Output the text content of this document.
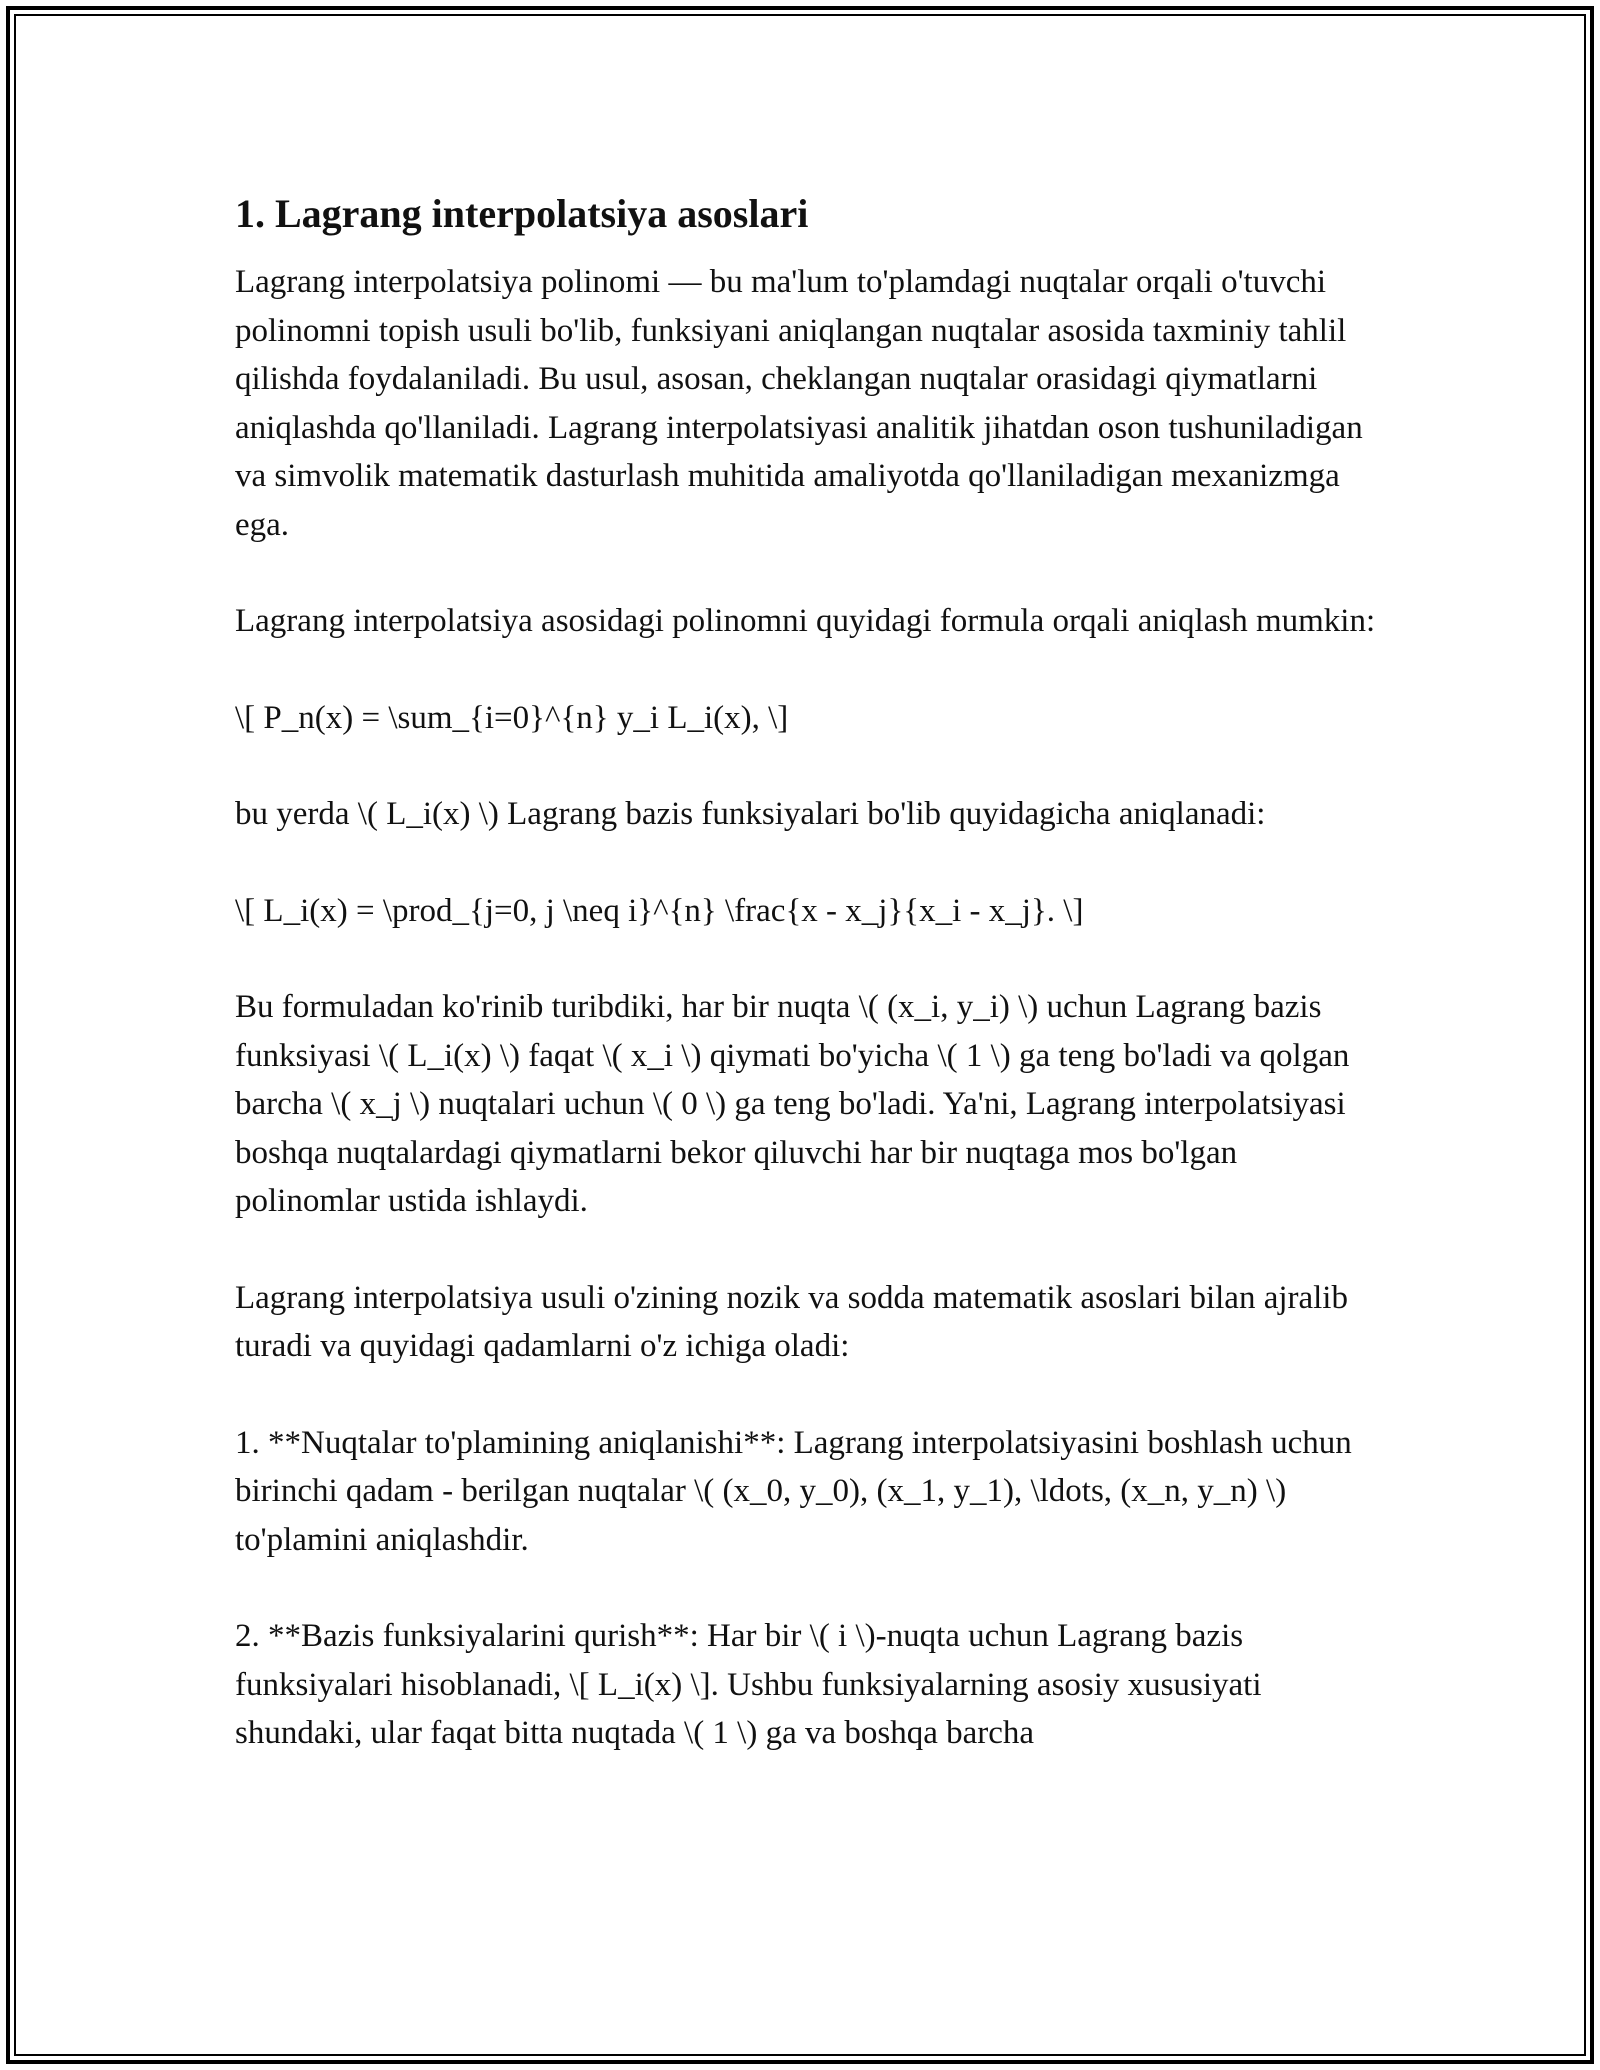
1. Lagrang interpolatsiya asoslari

Lagrang interpolatsiya polinomi — bu ma'lum to'plamdagi nuqtalar orqali o'tuvchi polinomni topish usuli bo'lib, funksiyani aniqlangan nuqtalar asosida taxminiy tahlil qilishda foydalaniladi. Bu usul, asosan, cheklangan nuqtalar orasidagi qiymatlarni aniqlashda qo'llaniladi. Lagrang interpolatsiyasi analitik jihatdan oson tushuniladigan va simvolik matematik dasturlash muhitida amaliyotda qo'llaniladigan mexanizmga ega.

Lagrang interpolatsiya asosidagi polinomni quyidagi formula orqali aniqlash mumkin:

\[ P_n(x) = \sum_{i=0}^{n} y_i L_i(x), \]

bu yerda \( L_i(x) \) Lagrang bazis funksiyalari bo'lib quyidagicha aniqlanadi:

\[ L_i(x) = \prod_{j=0, j \neq i}^{n} \frac{x - x_j}{x_i - x_j}. \]

Bu formuladan ko'rinib turibdiki, har bir nuqta \( (x_i, y_i) \) uchun Lagrang bazis funksiyasi \( L_i(x) \) faqat \( x_i \) qiymati bo'yicha \( 1 \) ga teng bo'ladi va qolgan barcha \( x_j \) nuqtalari uchun \( 0 \) ga teng bo'ladi. Ya'ni, Lagrang interpolatsiyasi boshqa nuqtalardagi qiymatlarni bekor qiluvchi har bir nuqtaga mos bo'lgan polinomlar ustida ishlaydi.

Lagrang interpolatsiya usuli o'zining nozik va sodda matematik asoslari bilan ajralib turadi va quyidagi qadamlarni o'z ichiga oladi:

1. **Nuqtalar to'plamining aniqlanishi**: Lagrang interpolatsiyasini boshlash uchun birinchi qadam - berilgan nuqtalar \( (x_0, y_0), (x_1, y_1), \ldots, (x_n, y_n) \) to'plamini aniqlashdir.

2. **Bazis funksiyalarini qurish**: Har bir \( i \)-nuqta uchun Lagrang bazis funksiyalari hisoblanadi, \[ L_i(x) \]. Ushbu funksiyalarning asosiy xususiyati shundaki, ular faqat bitta nuqtada \( 1 \) ga va boshqa barcha
